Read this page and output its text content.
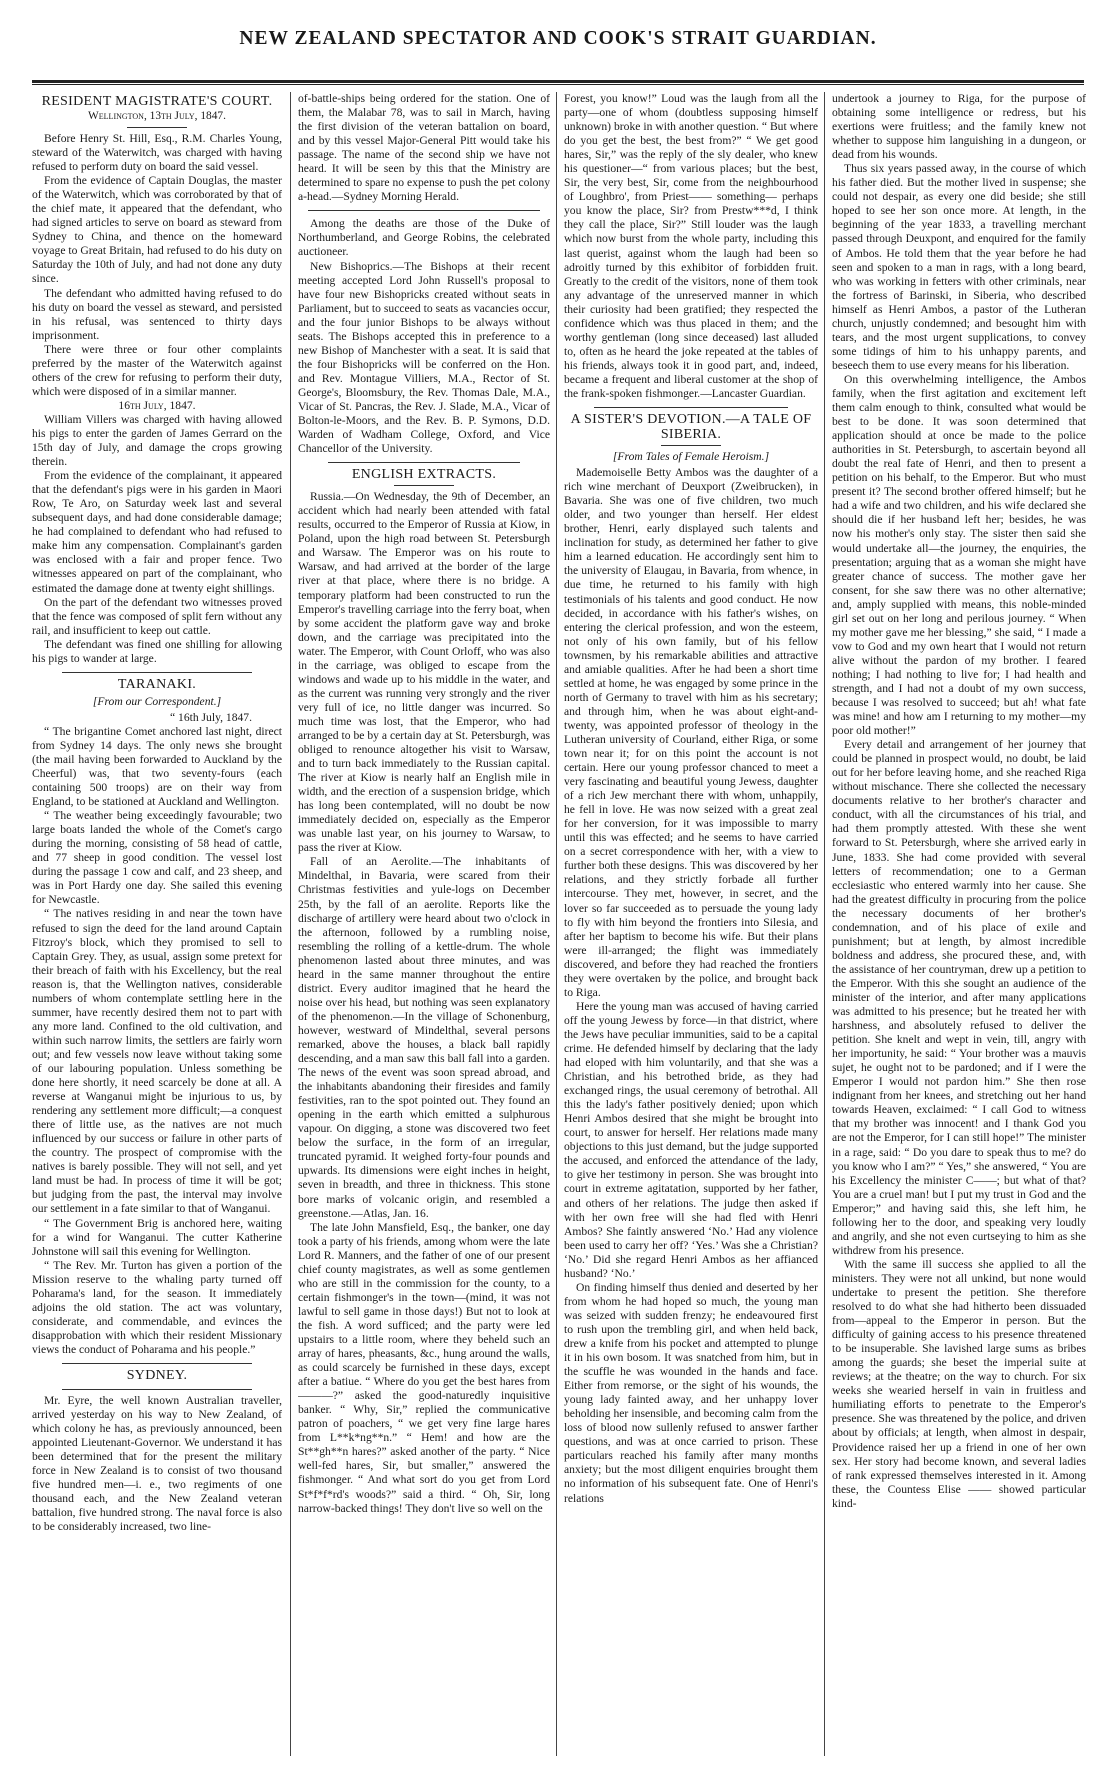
NEW ZEALAND SPECTATOR AND COOK'S STRAIT GUARDIAN.
RESIDENT MAGISTRATE'S COURT.
Wellington, 13th July, 1847.

Before Henry St. Hill, Esq., R.M. Charles Young, steward of the Waterwitch, was charged with having refused to perform duty on board the said vessel.

From the evidence of Captain Douglas, the master of the Waterwitch, which was corroborated by that of the chief mate, it appeared that the defendant, who had signed articles to serve on board as steward from Sydney to China, and thence on the homeward voyage to Great Britain, had refused to do his duty on Saturday the 10th of July, and had not done any duty since.

The defendant who admitted having refused to do his duty on board the vessel as steward, and persisted in his refusal, was sentenced to thirty days imprisonment.

There were three or four other complaints preferred by the master of the Waterwitch against others of the crew for refusing to perform their duty, which were disposed of in a similar manner.

16th July, 1847.

William Villers was charged with having allowed his pigs to enter the garden of James Gerrard on the 15th day of July, and damage the crops growing therein.

From the evidence of the complainant, it appeared that the defendant's pigs were in his garden in Maori Row, Te Aro, on Saturday week last and several subsequent days, and had done considerable damage; he had complained to defendant who had refused to make him any compensation. Complainant's garden was enclosed with a fair and proper fence. Two witnesses appeared on part of the complainant, who estimated the damage done at twenty eight shillings.

On the part of the defendant two witnesses proved that the fence was composed of split fern without any rail, and insufficient to keep out cattle.

The defendant was fined one shilling for allowing his pigs to wander at large.

TARANAKI.
[From our Correspondent.]
“ 16th July, 1847.

“ The brigantine Comet anchored last night, direct from Sydney 14 days. The only news she brought (the mail having been forwarded to Auckland by the Cheerful) was, that two seventy-fours (each containing 500 troops) are on their way from England, to be stationed at Auckland and Wellington.

“ The weather being exceedingly favourable; two large boats landed the whole of the Comet's cargo during the morning, consisting of 58 head of cattle, and 77 sheep in good condition. The vessel lost during the passage 1 cow and calf, and 23 sheep, and was in Port Hardy one day. She sailed this evening for Newcastle.

“ The natives residing in and near the town have refused to sign the deed for the land around Captain Fitzroy's block, which they promised to sell to Captain Grey. They, as usual, assign some pretext for their breach of faith with his Excellency, but the real reason is, that the Wellington natives, considerable numbers of whom contemplate settling here in the summer, have recently desired them not to part with any more land. Confined to the old cultivation, and within such narrow limits, the settlers are fairly worn out; and few vessels now leave without taking some of our labouring population. Unless something be done here shortly, it need scarcely be done at all. A reverse at Wanganui might be injurious to us, by rendering any settlement more difficult;—a conquest there of little use, as the natives are not much influenced by our success or failure in other parts of the country. The prospect of compromise with the natives is barely possible. They will not sell, and yet land must be had. In process of time it will be got; but judging from the past, the interval may involve our settlement in a fate similar to that of Wanganui.

“ The Government Brig is anchored here, waiting for a wind for Wanganui. The cutter Katherine Johnstone will sail this evening for Wellington.

“ The Rev. Mr. Turton has given a portion of the Mission reserve to the whaling party turned off Poharama's land, for the season. It immediately adjoins the old station. The act was voluntary, considerate, and commendable, and evinces the disapprobation with which their resident Missionary views the conduct of Poharama and his people.”

SYDNEY.

Mr. Eyre, the well known Australian traveller, arrived yesterday on his way to New Zealand, of which colony he has, as previously announced, been appointed Lieutenant-Governor. We understand it has been determined that for the present the military force in New Zealand is to consist of two thousand five hundred men—i. e., two regiments of one thousand each, and the New Zealand veteran battalion, five hundred strong. The naval force is also to be considerably increased, two line-

of-battle-ships being ordered for the station. One of them, the Malabar 78, was to sail in March, having the first division of the veteran battalion on board, and by this vessel Major-General Pitt would take his passage. The name of the second ship we have not heard. It will be seen by this that the Ministry are determined to spare no expense to push the pet colony a-head.—Sydney Morning Herald.

Among the deaths are those of the Duke of Northumberland, and George Robins, the celebrated auctioneer.

New Bishoprics.—The Bishops at their recent meeting accepted Lord John Russell's proposal to have four new Bishopricks created without seats in Parliament, but to succeed to seats as vacancies occur, and the four junior Bishops to be always without seats. The Bishops accepted this in preference to a new Bishop of Manchester with a seat. It is said that the four Bishopricks will be conferred on the Hon. and Rev. Montague Villiers, M.A., Rector of St. George's, Bloomsbury, the Rev. Thomas Dale, M.A., Vicar of St. Pancras, the Rev. J. Slade, M.A., Vicar of Bolton-le-Moors, and the Rev. B. P. Symons, D.D. Warden of Wadham College, Oxford, and Vice Chancellor of the University.

ENGLISH EXTRACTS.

Russia.—On Wednesday, the 9th of December, an accident which had nearly been attended with fatal results, occurred to the Emperor of Russia at Kiow, in Poland, upon the high road between St. Petersburgh and Warsaw. The Emperor was on his route to Warsaw, and had arrived at the border of the large river at that place, where there is no bridge. A temporary platform had been constructed to run the Emperor's travelling carriage into the ferry boat, when by some accident the platform gave way and broke down, and the carriage was precipitated into the water. The Emperor, with Count Orloff, who was also in the carriage, was obliged to escape from the windows and wade up to his middle in the water, and as the current was running very strongly and the river very full of ice, no little danger was incurred. So much time was lost, that the Emperor, who had arranged to be by a certain day at St. Petersburgh, was obliged to renounce altogether his visit to Warsaw, and to turn back immediately to the Russian capital. The river at Kiow is nearly half an English mile in width, and the erection of a suspension bridge, which has long been contemplated, will no doubt be now immediately decided on, especially as the Emperor was unable last year, on his journey to Warsaw, to pass the river at Kiow.

Fall of an Aerolite.—The inhabitants of Mindelthal, in Bavaria, were scared from their Christmas festivities and yule-logs on December 25th, by the fall of an aerolite. Reports like the discharge of artillery were heard about two o'clock in the afternoon, followed by a rumbling noise, resembling the rolling of a kettle-drum. The whole phenomenon lasted about three minutes, and was heard in the same manner throughout the entire district. Every auditor imagined that he heard the noise over his head, but nothing was seen explanatory of the phenomenon.—In the village of Schonenburg, however, westward of Mindelthal, several persons remarked, above the houses, a black ball rapidly descending, and a man saw this ball fall into a garden. The news of the event was soon spread abroad, and the inhabitants abandoning their firesides and family festivities, ran to the spot pointed out. They found an opening in the earth which emitted a sulphurous vapour. On digging, a stone was discovered two feet below the surface, in the form of an irregular, truncated pyramid. It weighed forty-four pounds and upwards. Its dimensions were eight inches in height, seven in breadth, and three in thickness. This stone bore marks of volcanic origin, and resembled a greenstone.—Atlas, Jan. 16.

The late John Mansfield, Esq., the banker, one day took a party of his friends, among whom were the late Lord R. Manners, and the father of one of our present chief county magistrates, as well as some gentlemen who are still in the commission for the county, to a certain fishmonger's in the town—(mind, it was not lawful to sell game in those days!) But not to look at the fish. A word sufficed; and the party were led upstairs to a little room, where they beheld such an array of hares, pheasants, &c., hung around the walls, as could scarcely be furnished in these days, except after a batiue. “ Where do you get the best hares from ———?” asked the good-naturedly inquisitive banker. “ Why, Sir,” replied the communicative patron of poachers, “ we get very fine large hares from L**k*ng**n.” “ Hem! and how are the St**gh**n hares?” asked another of the party. “ Nice well-fed hares, Sir, but smaller,” answered the fishmonger. “ And what sort do you get from Lord St*f*f*rd's woods?” said a third. “ Oh, Sir, long narrow-backed things! They don't live so well on the

Forest, you know!” Loud was the laugh from all the party—one of whom (doubtless supposing himself unknown) broke in with another question. “ But where do you get the best, the best from?” “ We get good hares, Sir,” was the reply of the sly dealer, who knew his questioner—“ from various places; but the best, Sir, the very best, Sir, come from the neighbourhood of Loughbro', from Priest—— something— perhaps you know the place, Sir? from Prestw***d, I think they call the place, Sir?” Still louder was the laugh which now burst from the whole party, including this last querist, against whom the laugh had been so adroitly turned by this exhibitor of forbidden fruit. Greatly to the credit of the visitors, none of them took any advantage of the unreserved manner in which their curiosity had been gratified; they respected the confidence which was thus placed in them; and the worthy gentleman (long since deceased) last alluded to, often as he heard the joke repeated at the tables of his friends, always took it in good part, and, indeed, became a frequent and liberal customer at the shop of the frank-spoken fishmonger.—Lancaster Guardian.

A SISTER'S DEVOTION.—A TALE OF SIBERIA.
[From Tales of Female Heroism.]

Mademoiselle Betty Ambos was the daughter of a rich wine merchant of Deuxport (Zweibrucken), in Bavaria. She was one of five children, two much older, and two younger than herself. Her eldest brother, Henri, early displayed such talents and inclination for study, as determined her father to give him a learned education. He accordingly sent him to the university of Elaugau, in Bavaria, from whence, in due time, he returned to his family with high testimonials of his talents and good conduct. He now decided, in accordance with his father's wishes, on entering the clerical profession, and won the esteem, not only of his own family, but of his fellow townsmen, by his remarkable abilities and attractive and amiable qualities. After he had been a short time settled at home, he was engaged by some prince in the north of Germany to travel with him as his secretary; and through him, when he was about eight-and-twenty, was appointed professor of theology in the Lutheran university of Courland, either Riga, or some town near it; for on this point the account is not certain. Here our young professor chanced to meet a very fascinating and beautiful young Jewess, daughter of a rich Jew merchant there with whom, unhappily, he fell in love. He was now seized with a great zeal for her conversion, for it was impossible to marry until this was effected; and he seems to have carried on a secret correspondence with her, with a view to further both these designs. This was discovered by her relations, and they strictly forbade all further intercourse. They met, however, in secret, and the lover so far succeeded as to persuade the young lady to fly with him beyond the frontiers into Silesia, and after her baptism to become his wife. But their plans were ill-arranged; the flight was immediately discovered, and before they had reached the frontiers they were overtaken by the police, and brought back to Riga.

Here the young man was accused of having carried off the young Jewess by force—in that district, where the Jews have peculiar immunities, said to be a capital crime. He defended himself by declaring that the lady had eloped with him voluntarily, and that she was a Christian, and his betrothed bride, as they had exchanged rings, the usual ceremony of betrothal. All this the lady's father positively denied; upon which Henri Ambos desired that she might be brought into court, to answer for herself. Her relations made many objections to this just demand, but the judge supported the accused, and enforced the attendance of the lady, to give her testimony in person. She was brought into court in extreme agitatation, supported by her father, and others of her relations. The judge then asked if with her own free will she had fled with Henri Ambos? She faintly answered ‘No.’ Had any violence been used to carry her off? ‘Yes.’ Was she a Christian? ‘No.’ Did she regard Henri Ambos as her affianced husband? ‘No.’

On finding himself thus denied and deserted by her from whom he had hoped so much, the young man was seized with sudden frenzy; he endeavoured first to rush upon the trembling girl, and when held back, drew a knife from his pocket and attempted to plunge it in his own bosom. It was snatched from him, but in the scuffle he was wounded in the hands and face. Either from remorse, or the sight of his wounds, the young lady fainted away, and her unhappy lover beholding her insensible, and becoming calm from the loss of blood now sullenly refused to answer farther questions, and was at once carried to prison. These particulars reached his family after many months anxiety; but the most diligent enquiries brought them no information of his subsequent fate. One of Henri's relations

undertook a journey to Riga, for the purpose of obtaining some intelligence or redress, but his exertions were fruitless; and the family knew not whether to suppose him languishing in a dungeon, or dead from his wounds.

Thus six years passed away, in the course of which his father died. But the mother lived in suspense; she could not despair, as every one did beside; she still hoped to see her son once more. At length, in the beginning of the year 1833, a travelling merchant passed through Deuxpont, and enquired for the family of Ambos. He told them that the year before he had seen and spoken to a man in rags, with a long beard, who was working in fetters with other criminals, near the fortress of Barinski, in Siberia, who described himself as Henri Ambos, a pastor of the Lutheran church, unjustly condemned; and besought him with tears, and the most urgent supplications, to convey some tidings of him to his unhappy parents, and beseech them to use every means for his liberation.

On this overwhelming intelligence, the Ambos family, when the first agitation and excitement left them calm enough to think, consulted what would be best to be done. It was soon determined that application should at once be made to the police authorities in St. Petersburgh, to ascertain beyond all doubt the real fate of Henri, and then to present a petition on his behalf, to the Emperor. But who must present it? The second brother offered himself; but he had a wife and two children, and his wife declared she should die if her husband left her; besides, he was now his mother's only stay. The sister then said she would undertake all—the journey, the enquiries, the presentation; arguing that as a woman she might have greater chance of success. The mother gave her consent, for she saw there was no other alternative; and, amply supplied with means, this noble-minded girl set out on her long and perilous journey. “ When my mother gave me her blessing,” she said, “ I made a vow to God and my own heart that I would not return alive without the pardon of my brother. I feared nothing; I had nothing to live for; I had health and strength, and I had not a doubt of my own success, because I was resolved to succeed; but ah! what fate was mine! and how am I returning to my mother—my poor old mother!”

Every detail and arrangement of her journey that could be planned in prospect would, no doubt, be laid out for her before leaving home, and she reached Riga without mischance. There she collected the necessary documents relative to her brother's character and conduct, with all the circumstances of his trial, and had them promptly attested. With these she went forward to St. Petersburgh, where she arrived early in June, 1833. She had come provided with several letters of recommendation; one to a German ecclesiastic who entered warmly into her cause. She had the greatest difficulty in procuring from the police the necessary documents of her brother's condemnation, and of his place of exile and punishment; but at length, by almost incredible boldness and address, she procured these, and, with the assistance of her countryman, drew up a petition to the Emperor. With this she sought an audience of the minister of the interior, and after many applications was admitted to his presence; but he treated her with harshness, and absolutely refused to deliver the petition. She knelt and wept in vein, till, angry with her importunity, he said: “ Your brother was a mauvis sujet, he ought not to be pardoned; and if I were the Emperor I would not pardon him.” She then rose indignant from her knees, and stretching out her hand towards Heaven, exclaimed: “ I call God to witness that my brother was innocent! and I thank God you are not the Emperor, for I can still hope!” The minister in a rage, said: “ Do you dare to speak thus to me? do you know who I am?” “ Yes,” she answered, “ You are his Excellency the minister C——; but what of that? You are a cruel man! but I put my trust in God and the Emperor;” and having said this, she left him, he following her to the door, and speaking very loudly and angrily, and she not even curtseying to him as she withdrew from his presence.

With the same ill success she applied to all the ministers. They were not all unkind, but none would undertake to present the petition. She therefore resolved to do what she had hitherto been dissuaded from—appeal to the Emperor in person. But the difficulty of gaining access to his presence threatened to be insuperable. She lavished large sums as bribes among the guards; she beset the imperial suite at reviews; at the theatre; on the way to church. For six weeks she wearied herself in vain in fruitless and humiliating efforts to penetrate to the Emperor's presence. She was threatened by the police, and driven about by officials; at length, when almost in despair, Providence raised her up a friend in one of her own sex. Her story had become known, and several ladies of rank expressed themselves interested in it. Among these, the Countess Elise —— showed particular kind-
